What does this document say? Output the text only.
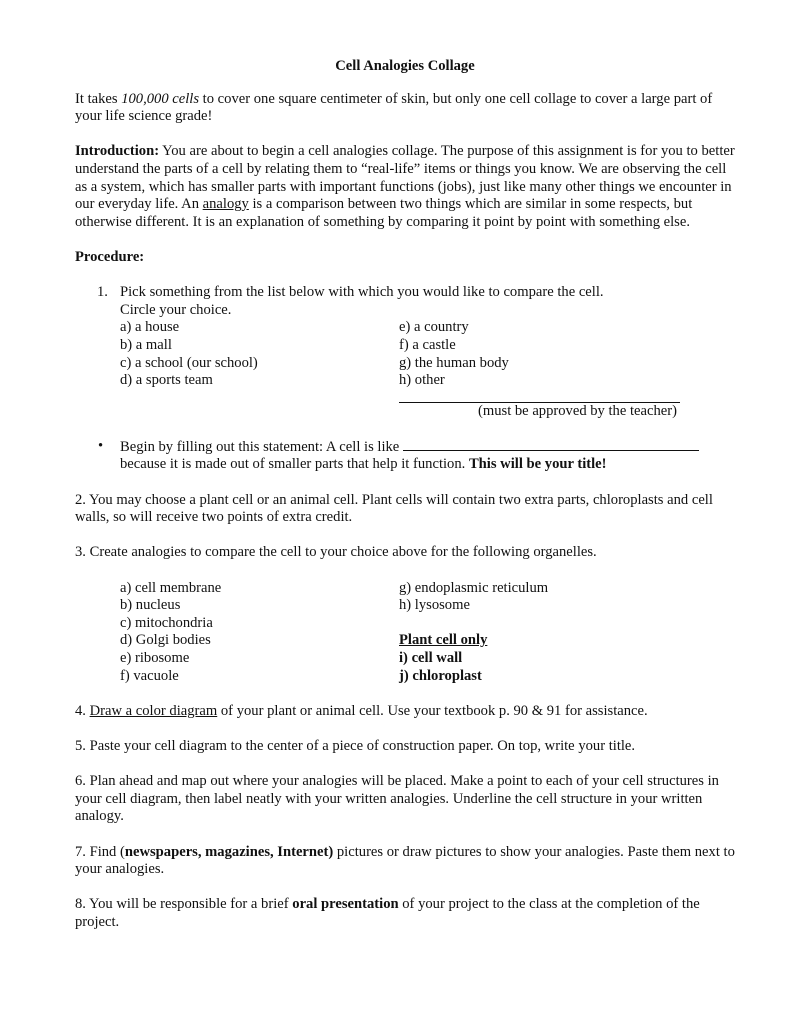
Cell Analogies Collage

It takes 100,000 cells to cover one square centimeter of skin, but only one cell collage to cover a large part of your life science grade!

Introduction: You are about to begin a cell analogies collage. The purpose of this assignment is for you to better understand the parts of a cell by relating them to “real-life” items or things you know. We are observing the cell as a system, which has smaller parts with important functions (jobs), just like many other things we encounter in our everyday life. An analogy is a comparison between two things which are similar in some respects, but otherwise different. It is an explanation of something by comparing it point by point with something else.

Procedure:
1. Pick something from the list below with which you would like to compare the cell.
Circle your choice.
a) a house
b) a mall
c) a school (our school)
d) a sports team
e) a country
f) a castle
g) the human body
h) other
(must be approved by the teacher)
• Begin by filling out this statement: A cell is like
because it is made out of smaller parts that help it function. This will be your title!

2. You may choose a plant cell or an animal cell. Plant cells will contain two extra parts, chloroplasts and cell walls, so will receive two points of extra credit.

3. Create analogies to compare the cell to your choice above for the following organelles.

a) cell membrane
b) nucleus
c) mitochondria
d) Golgi bodies
e) ribosome
f) vacuole
g) endoplasmic reticulum
h) lysosome

Plant cell only
i) cell wall
j) chloroplast

4. Draw a color diagram of your plant or animal cell. Use your textbook p. 90 & 91 for assistance.

5. Paste your cell diagram to the center of a piece of construction paper. On top, write your title.

6. Plan ahead and map out where your analogies will be placed. Make a point to each of your cell structures in your cell diagram, then label neatly with your written analogies. Underline the cell structure in your written analogy.

7. Find (newspapers, magazines, Internet) pictures or draw pictures to show your analogies. Paste them next to your analogies.

8. You will be responsible for a brief oral presentation of your project to the class at the completion of the project.
